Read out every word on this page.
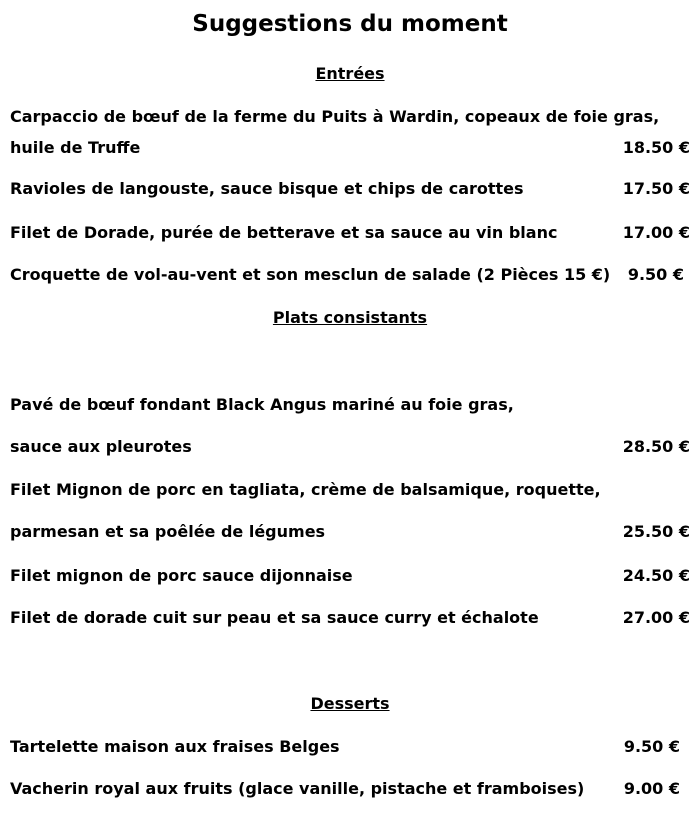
Suggestions du moment
Entrées
Carpaccio de bœuf de la ferme du Puits à Wardin, copeaux de foie gras,
huile de Truffe	18.50 €
Ravioles de langouste, sauce bisque et chips de carottes	17.50 €
Filet de Dorade, purée de betterave et sa sauce au vin blanc	17.00 €
Croquette de vol-au-vent et son mesclun de salade (2 Pièces 15 €) 9.50 €
Plats consistants
Pavé de bœuf fondant Black Angus mariné au foie gras,
sauce aux pleurotes	28.50 €
Filet Mignon de porc en tagliata, crème de balsamique, roquette,
parmesan et sa poêlée de légumes	25.50 €
Filet mignon de porc sauce dijonnaise	24.50 €
Filet de dorade cuit sur peau et sa sauce curry et échalote	27.00 €
Desserts
Tartelette maison aux fraises Belges	9.50 €
Vacherin royal aux fruits (glace vanille, pistache et framboises) 9.00 €
